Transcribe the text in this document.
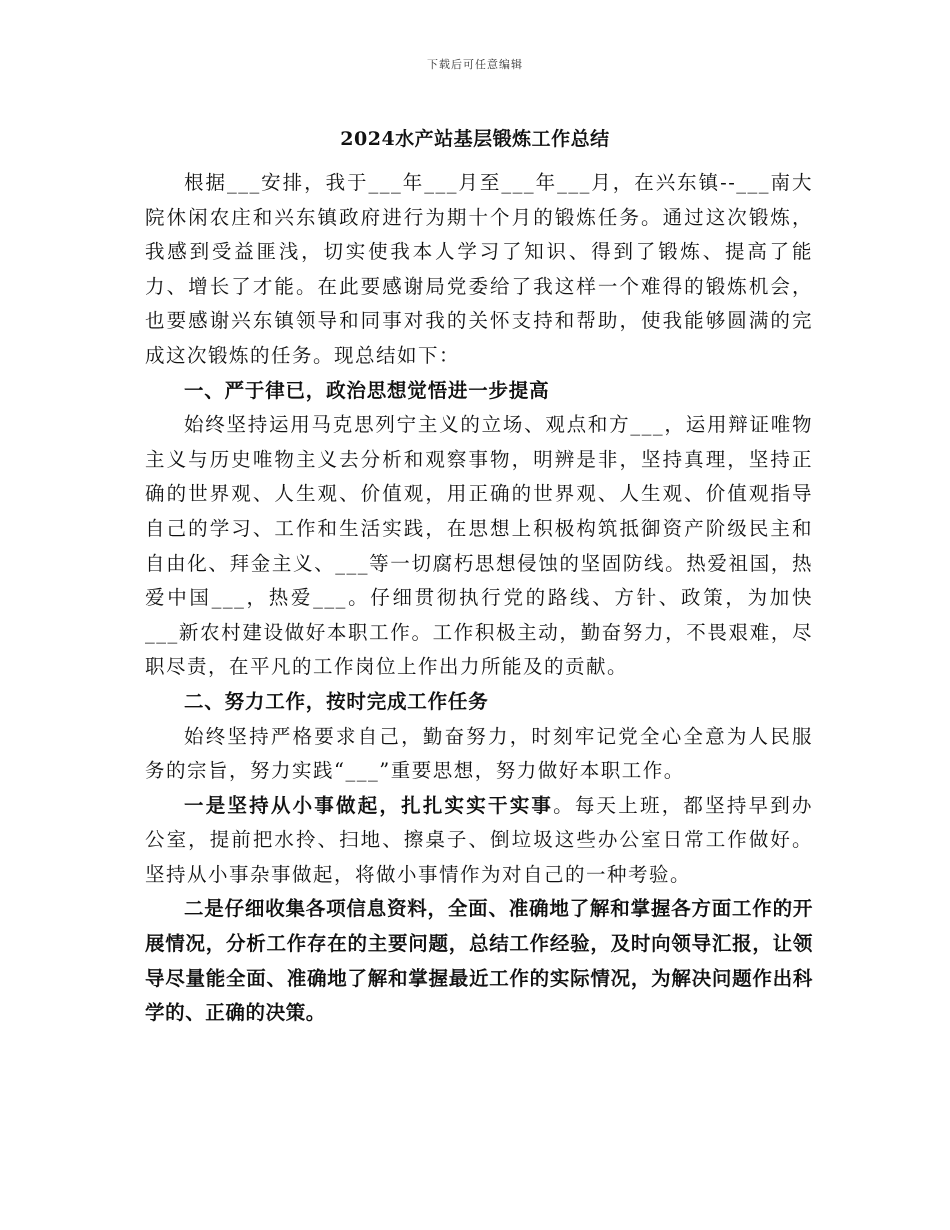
下载后可任意编辑
2024水产站基层锻炼工作总结

根据___安排，我于___年___月至___年___月，在兴东镇--___南大院休闲农庄和兴东镇政府进行为期十个月的锻炼任务。通过这次锻炼，我感到受益匪浅，切实使我本人学习了知识、得到了锻炼、提高了能力、增长了才能。在此要感谢局党委给了我这样一个难得的锻炼机会，也要感谢兴东镇领导和同事对我的关怀支持和帮助，使我能够圆满的完成这次锻炼的任务。现总结如下：

一、严于律已，政治思想觉悟进一步提高

始终坚持运用马克思列宁主义的立场、观点和方___，运用辩证唯物主义与历史唯物主义去分析和观察事物，明辨是非，坚持真理，坚持正确的世界观、人生观、价值观，用正确的世界观、人生观、价值观指导自己的学习、工作和生活实践，在思想上积极构筑抵御资产阶级民主和自由化、拜金主义、___等一切腐朽思想侵蚀的坚固防线。热爱祖国，热爱中国___，热爱___。仔细贯彻执行党的路线、方针、政策，为加快___新农村建设做好本职工作。工作积极主动，勤奋努力，不畏艰难，尽职尽责，在平凡的工作岗位上作出力所能及的贡献。

二、努力工作，按时完成工作任务

始终坚持严格要求自己，勤奋努力，时刻牢记党全心全意为人民服务的宗旨，努力实践“___”重要思想，努力做好本职工作。

一是坚持从小事做起，扎扎实实干实事。每天上班，都坚持早到办公室，提前把水拎、扫地、擦桌子、倒垃圾这些办公室日常工作做好。坚持从小事杂事做起，将做小事情作为对自己的一种考验。

二是仔细收集各项信息资料，全面、准确地了解和掌握各方面工作的开展情况，分析工作存在的主要问题，总结工作经验，及时向领导汇报，让领导尽量能全面、准确地了解和掌握最近工作的实际情况，为解决问题作出科学的、正确的决策。
